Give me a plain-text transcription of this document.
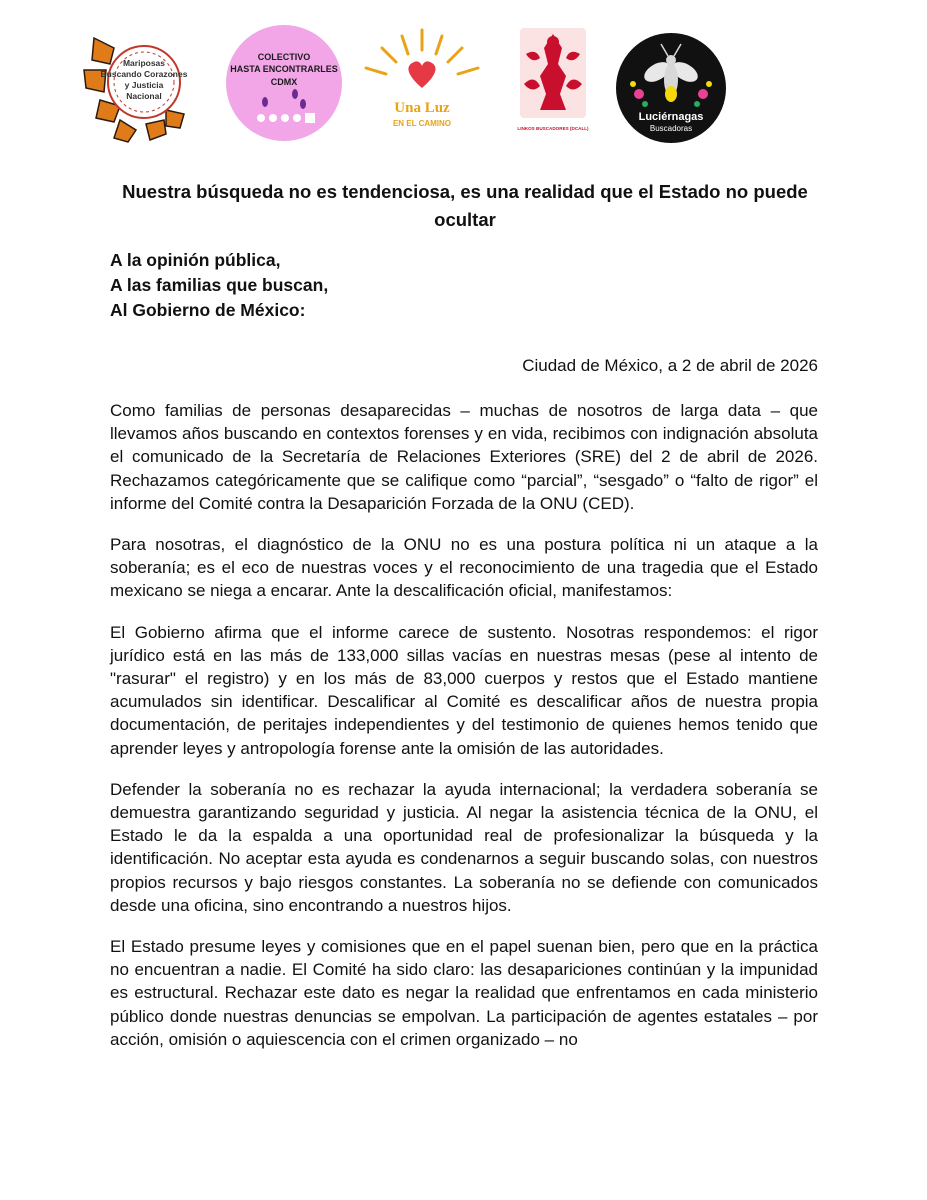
Mariposas
Buscando Corazones
y Justicia
Nacional
COLECTIVO
HASTA ENCONTRARLES
CDMX
Una Luz
EN EL CAMINO
LINKOS BUSCADORES (DCALL)
Luciérnagas
Buscadoras
Nuestra búsqueda no es tendenciosa, es una realidad que el Estado no puede ocultar
A la opinión pública,
A las familias que buscan,
Al Gobierno de México:
Ciudad de México, a 2 de abril de 2026

Como familias de personas desaparecidas – muchas de nosotros de larga data – que llevamos años buscando en contextos forenses y en vida, recibimos con indignación absoluta el comunicado de la Secretaría de Relaciones Exteriores (SRE) del 2 de abril de 2026. Rechazamos categóricamente que se califique como “parcial”, “sesgado” o “falto de rigor” el informe del Comité contra la Desaparición Forzada de la ONU (CED).

Para nosotras, el diagnóstico de la ONU no es una postura política ni un ataque a la soberanía; es el eco de nuestras voces y el reconocimiento de una tragedia que el Estado mexicano se niega a encarar. Ante la descalificación oficial, manifestamos:

El Gobierno afirma que el informe carece de sustento. Nosotras respondemos: el rigor jurídico está en las más de 133,000 sillas vacías en nuestras mesas (pese al intento de "rasurar" el registro) y en los más de 83,000 cuerpos y restos que el Estado mantiene acumulados sin identificar. Descalificar al Comité es descalificar años de nuestra propia documentación, de peritajes independientes y del testimonio de quienes hemos tenido que aprender leyes y antropología forense ante la omisión de las autoridades.

Defender la soberanía no es rechazar la ayuda internacional; la verdadera soberanía se demuestra garantizando seguridad y justicia. Al negar la asistencia técnica de la ONU, el Estado le da la espalda a una oportunidad real de profesionalizar la búsqueda y la identificación. No aceptar esta ayuda es condenarnos a seguir buscando solas, con nuestros propios recursos y bajo riesgos constantes. La soberanía no se defiende con comunicados desde una oficina, sino encontrando a nuestros hijos.

El Estado presume leyes y comisiones que en el papel suenan bien, pero que en la práctica no encuentran a nadie. El Comité ha sido claro: las desapariciones continúan y la impunidad es estructural. Rechazar este dato es negar la realidad que enfrentamos en cada ministerio público donde nuestras denuncias se empolvan. La participación de agentes estatales – por acción, omisión o aquiescencia con el crimen organizado – no
